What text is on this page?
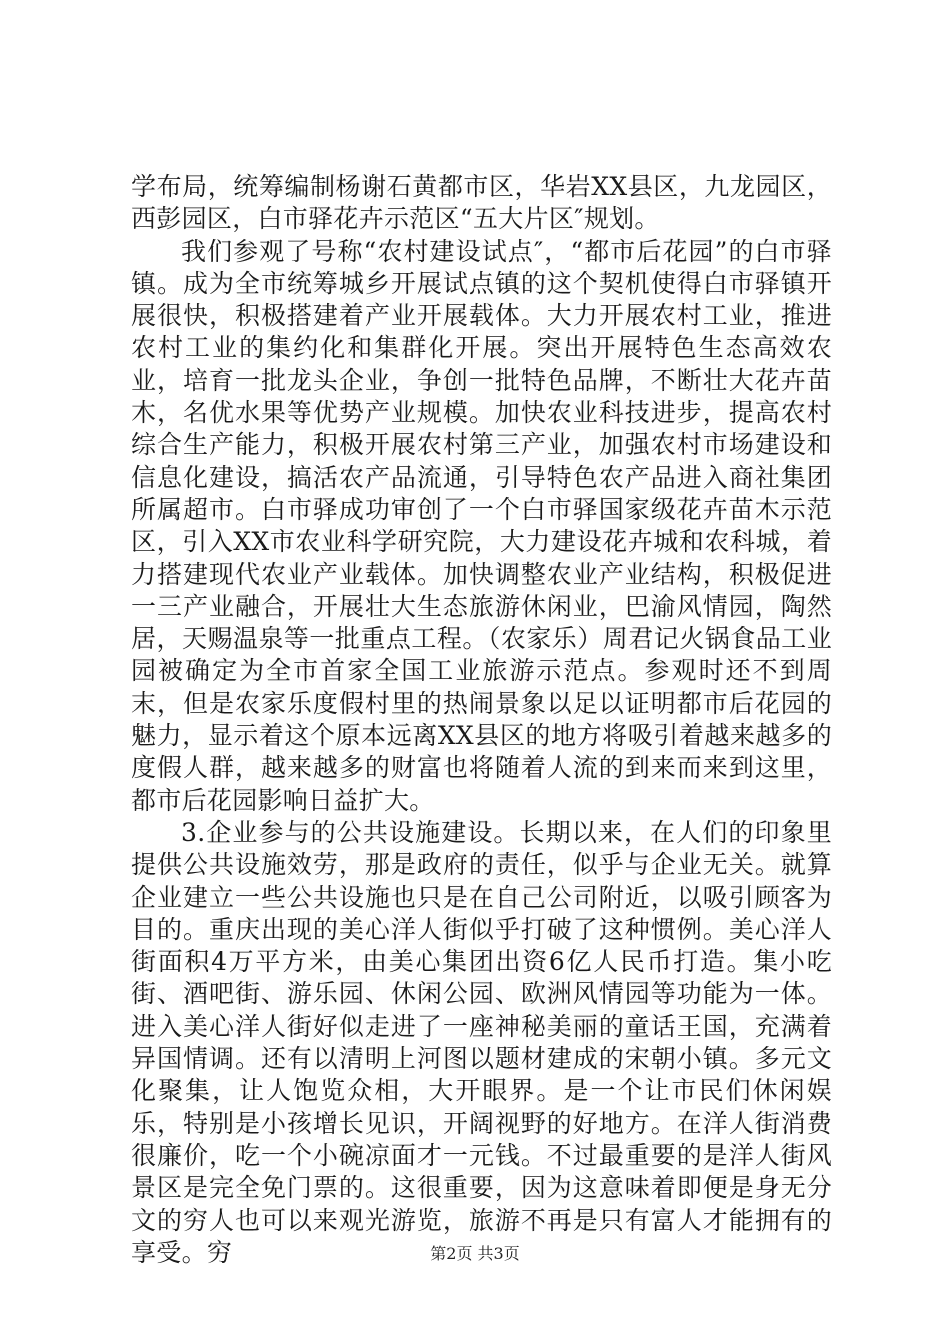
学布局，统筹编制杨谢石黄都市区，华岩XX县区，九龙园区，西彭园区，白市驿花卉示范区“五大片区″规划。

我们参观了号称“农村建设试点″，“都市后花园”的白市驿镇。成为全市统筹城乡开展试点镇的这个契机使得白市驿镇开展很快，积极搭建着产业开展载体。大力开展农村工业，推进农村工业的集约化和集群化开展。突出开展特色生态高效农业，培育一批龙头企业，争创一批特色品牌，不断壮大花卉苗木，名优水果等优势产业规模。加快农业科技进步，提高农村综合生产能力，积极开展农村第三产业，加强农村市场建设和信息化建设，搞活农产品流通，引导特色农产品进入商社集团所属超市。白市驿成功审创了一个白市驿国家级花卉苗木示范区，引入XX市农业科学研究院，大力建设花卉城和农科城，着力搭建现代农业产业载体。加快调整农业产业结构，积极促进一三产业融合，开展壮大生态旅游休闲业，巴渝风情园，陶然居，天赐温泉等一批重点工程。（农家乐）周君记火锅食品工业园被确定为全市首家全国工业旅游示范点。参观时还不到周末，但是农家乐度假村里的热闹景象以足以证明都市后花园的魅力，显示着这个原本远离XX县区的地方将吸引着越来越多的度假人群，越来越多的财富也将随着人流的到来而来到这里，都市后花园影响日益扩大。

3.企业参与的公共设施建设。长期以来，在人们的印象里提供公共设施效劳，那是政府的责任，似乎与企业无关。就算企业建立一些公共设施也只是在自己公司附近，以吸引顾客为目的。重庆出现的美心洋人街似乎打破了这种惯例。美心洋人街面积4万平方米，由美心集团出资6亿人民币打造。集小吃街、酒吧街、游乐园、休闲公园、欧洲风情园等功能为一体。进入美心洋人街好似走进了一座神秘美丽的童话王国，充满着异国情调。还有以清明上河图以题材建成的宋朝小镇。多元文化聚集，让人饱览众相，大开眼界。是一个让市民们休闲娱乐，特别是小孩增长见识，开阔视野的好地方。在洋人街消费很廉价，吃一个小碗凉面才一元钱。不过最重要的是洋人街风景区是完全免门票的。这很重要，因为这意味着即便是身无分文的穷人也可以来观光游览，旅游不再是只有富人才能拥有的享受。穷	第2页 共3页
